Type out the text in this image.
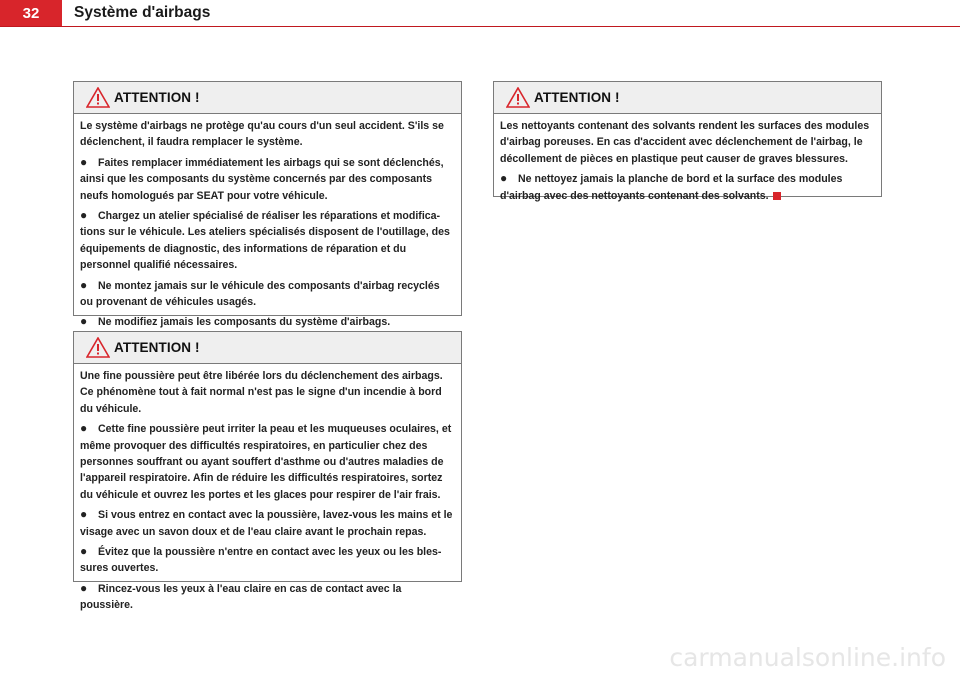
32	Système d'airbags
ATTENTION !

Le système d'airbags ne protège qu'au cours d'un seul accident. S'ils se déclenchent, il faudra remplacer le système.

● Faites remplacer immédiatement les airbags qui se sont déclenchés, ainsi que les composants du système concernés par des composants neufs homologués par SEAT pour votre véhicule.

● Chargez un atelier spécialisé de réaliser les réparations et modifica-tions sur le véhicule. Les ateliers spécialisés disposent de l'outillage, des équipements de diagnostic, des informations de réparation et du personnel qualifié nécessaires.

● Ne montez jamais sur le véhicule des composants d'airbag recyclés ou provenant de véhicules usagés.

● Ne modifiez jamais les composants du système d'airbags.

ATTENTION !

Une fine poussière peut être libérée lors du déclenchement des airbags. Ce phénomène tout à fait normal n'est pas le signe d'un incendie à bord du véhicule.

● Cette fine poussière peut irriter la peau et les muqueuses oculaires, et même provoquer des difficultés respiratoires, en particulier chez des personnes souffrant ou ayant souffert d'asthme ou d'autres maladies de l'appareil respiratoire. Afin de réduire les difficultés respiratoires, sortez du véhicule et ouvrez les portes et les glaces pour respirer de l'air frais.

● Si vous entrez en contact avec la poussière, lavez-vous les mains et le visage avec un savon doux et de l'eau claire avant le prochain repas.

● Évitez que la poussière n'entre en contact avec les yeux ou les bles-sures ouvertes.

● Rincez-vous les yeux à l'eau claire en cas de contact avec la poussière.

ATTENTION !

Les nettoyants contenant des solvants rendent les surfaces des modules d'airbag poreuses. En cas d'accident avec déclenchement de l'airbag, le décollement de pièces en plastique peut causer de graves blessures.

● Ne nettoyez jamais la planche de bord et la surface des modules d'airbag avec des nettoyants contenant des solvants.

carmanualsonline.info
